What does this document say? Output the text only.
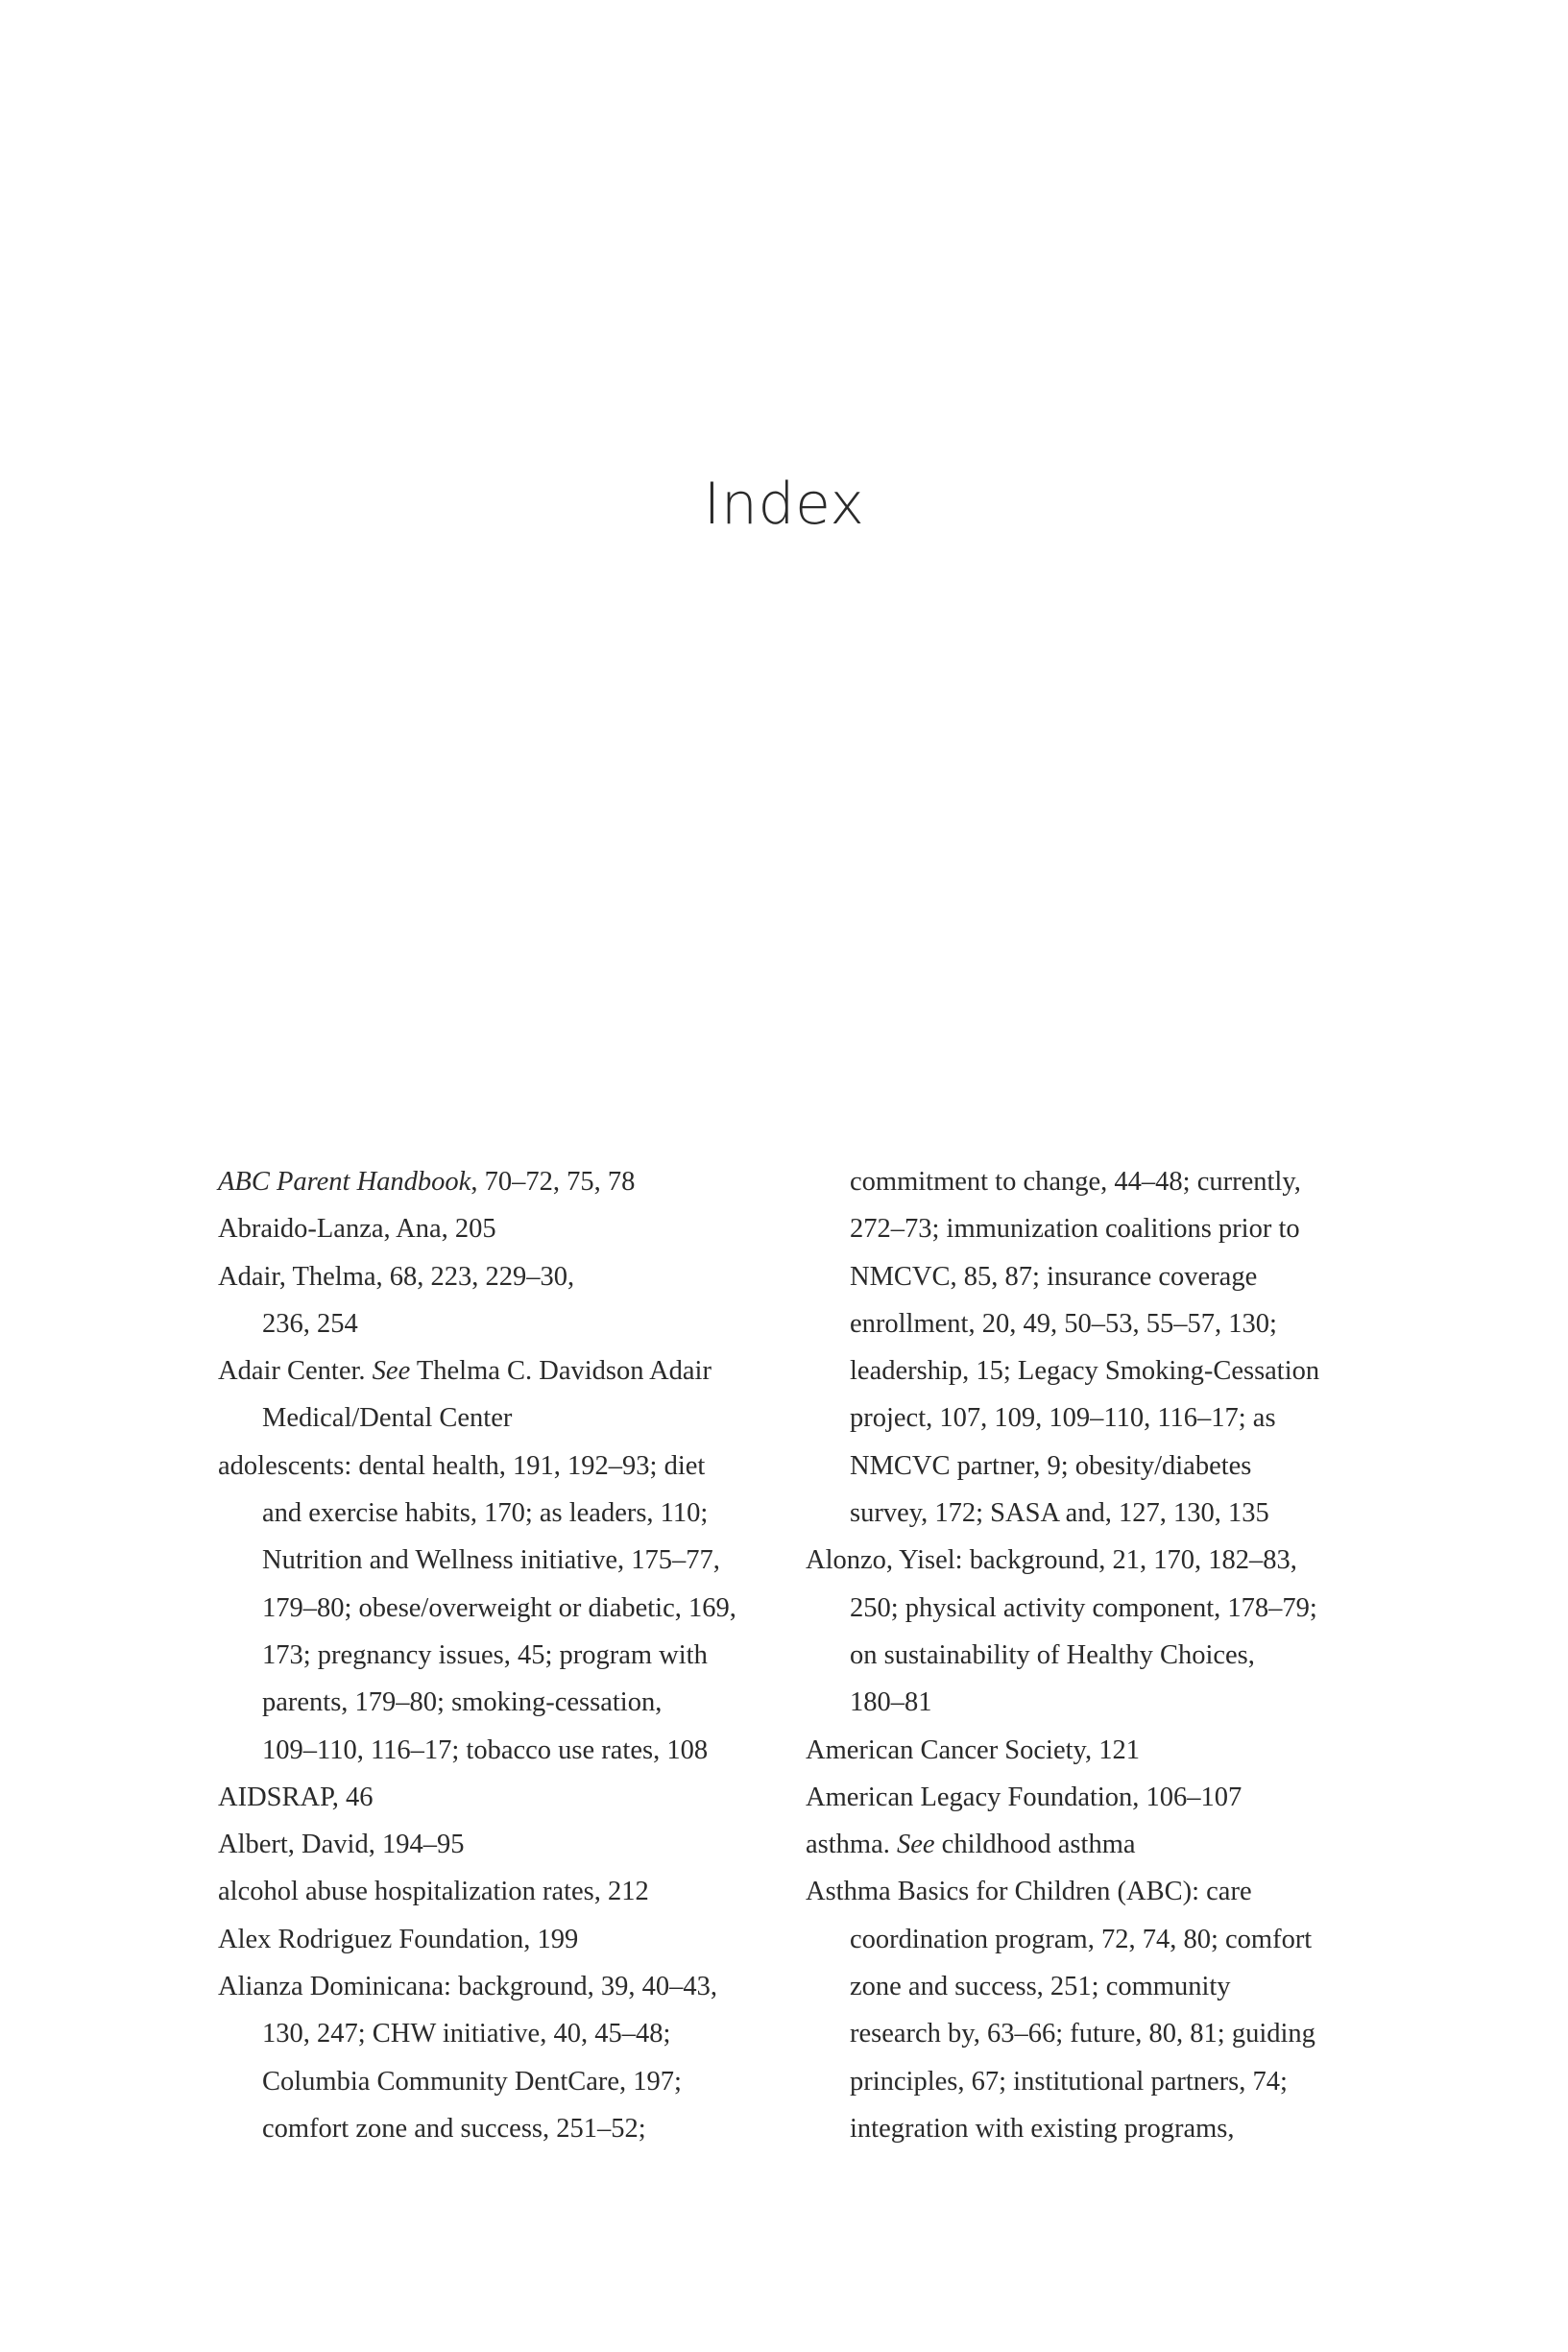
Index
ABC Parent Handbook, 70–72, 75, 78
Abraido-Lanza, Ana, 205
Adair, Thelma, 68, 223, 229–30,
236, 254
Adair Center. See Thelma C. Davidson Adair
Medical/Dental Center
adolescents: dental health, 191, 192–93; diet
and exercise habits, 170; as leaders, 110;
Nutrition and Wellness initiative, 175–77,
179–80; obese/overweight or diabetic, 169,
173; pregnancy issues, 45; program with
parents, 179–80; smoking-cessation,
109–110, 116–17; tobacco use rates, 108
AIDSRAP, 46
Albert, David, 194–95
alcohol abuse hospitalization rates, 212
Alex Rodriguez Foundation, 199
Alianza Dominicana: background, 39, 40–43,
130, 247; CHW initiative, 40, 45–48;
Columbia Community DentCare, 197;
comfort zone and success, 251–52;
commitment to change, 44–48; currently,
272–73; immunization coalitions prior to
NMCVC, 85, 87; insurance coverage
enrollment, 20, 49, 50–53, 55–57, 130;
leadership, 15; Legacy Smoking-Cessation
project, 107, 109, 109–110, 116–17; as
NMCVC partner, 9; obesity/diabetes
survey, 172; SASA and, 127, 130, 135
Alonzo, Yisel: background, 21, 170, 182–83,
250; physical activity component, 178–79;
on sustainability of Healthy Choices,
180–81
American Cancer Society, 121
American Legacy Foundation, 106–107
asthma. See childhood asthma
Asthma Basics for Children (ABC): care
coordination program, 72, 74, 80; comfort
zone and success, 251; community
research by, 63–66; future, 80, 81; guiding
principles, 67; institutional partners, 74;
integration with existing programs,
